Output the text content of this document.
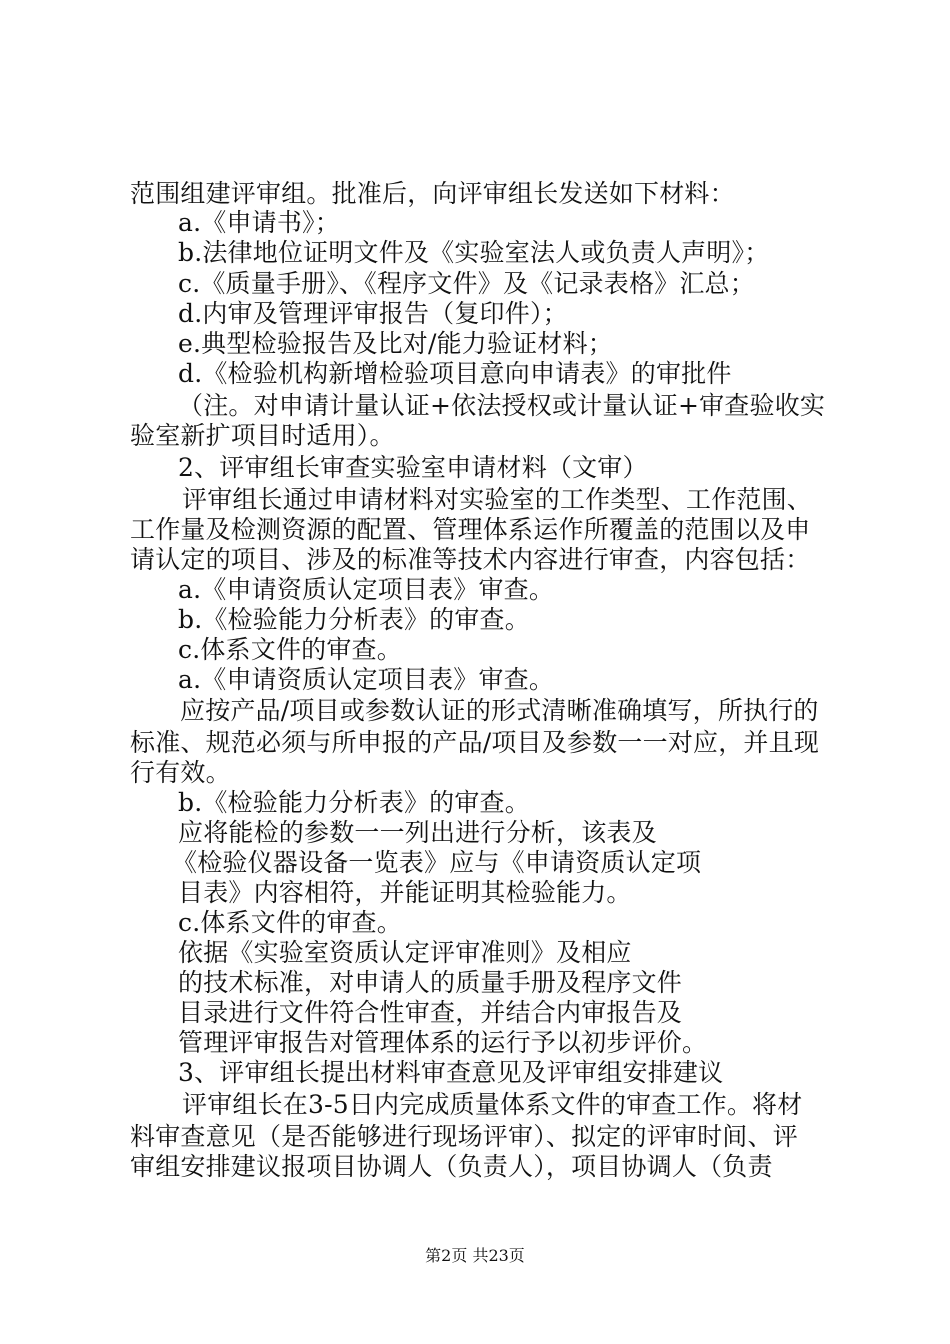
范围组建评审组。批准后，向评审组长发送如下材料：
a.《申请书》；
b.法律地位证明文件及《实验室法人或负责人声明》；
c.《质量手册》、《程序文件》及《记录表格》汇总；
d.内审及管理评审报告（复印件）；
e.典型检验报告及比对/能力验证材料；
d.《检验机构新增检验项目意向申请表》的审批件
（注。对申请计量认证+依法授权或计量认证+审查验收实
验室新扩项目时适用）。
2、评审组长审查实验室申请材料（文审）
评审组长通过申请材料对实验室的工作类型、工作范围、
工作量及检测资源的配置、管理体系运作所覆盖的范围以及申
请认定的项目、涉及的标准等技术内容进行审查，内容包括：
a.《申请资质认定项目表》审查。
b.《检验能力分析表》的审查。
c.体系文件的审查。
a.《申请资质认定项目表》审查。
应按产品/项目或参数认证的形式清晰准确填写，所执行的
标准、规范必须与所申报的产品/项目及参数一一对应，并且现
行有效。
b.《检验能力分析表》的审查。
应将能检的参数一一列出进行分析，该表及
《检验仪器设备一览表》应与《申请资质认定项
目表》内容相符，并能证明其检验能力。
c.体系文件的审查。
依据《实验室资质认定评审准则》及相应
的技术标准，对申请人的质量手册及程序文件
目录进行文件符合性审查，并结合内审报告及
管理评审报告对管理体系的运行予以初步评价。
3、评审组长提出材料审查意见及评审组安排建议
评审组长在3-5日内完成质量体系文件的审查工作。将材
料审查意见（是否能够进行现场评审）、拟定的评审时间、评
审组安排建议报项目协调人（负责人），项目协调人（负责
第2页 共23页
